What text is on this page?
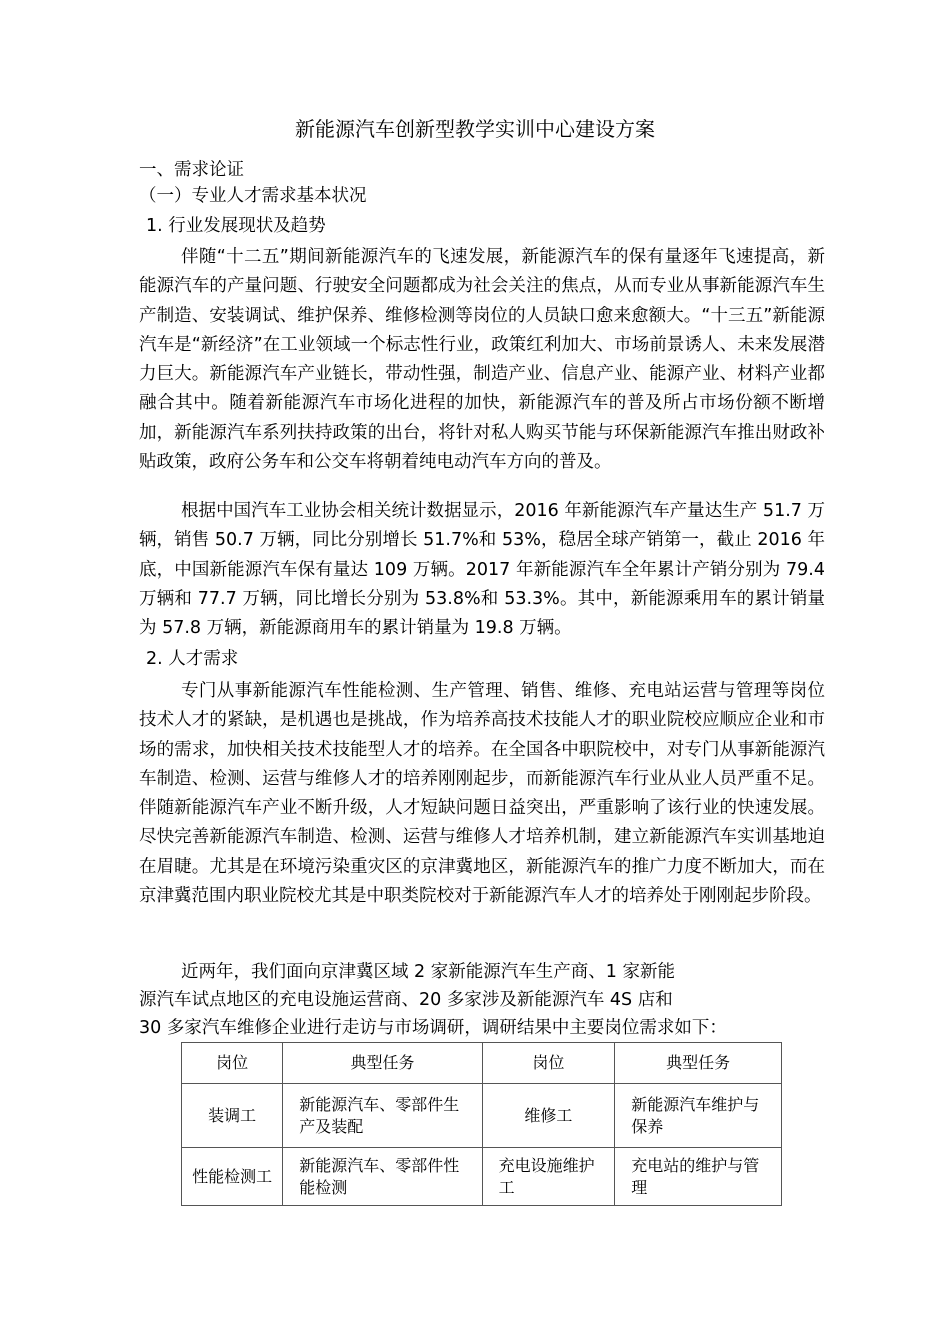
新能源汽车创新型教学实训中心建设方案
一、需求论证
（一）专业人才需求基本状况
1. 行业发展现状及趋势
伴随“十二五”期间新能源汽车的飞速发展，新能源汽车的保有量逐年飞速提高，新能源汽车的产量问题、行驶安全问题都成为社会关注的焦点，从而专业从事新能源汽车生产制造、安装调试、维护保养、维修检测等岗位的人员缺口愈来愈额大。“十三五”新能源汽车是“新经济”在工业领域一个标志性行业，政策红利加大、市场前景诱人、未来发展潜力巨大。新能源汽车产业链长，带动性强，制造产业、信息产业、能源产业、材料产业都融合其中。随着新能源汽车市场化进程的加快，新能源汽车的普及所占市场份额不断增加，新能源汽车系列扶持政策的出台，将针对私人购买节能与环保新能源汽车推出财政补贴政策，政府公务车和公交车将朝着纯电动汽车方向的普及。
根据中国汽车工业协会相关统计数据显示，2016 年新能源汽车产量达生产 51.7 万辆，销售 50.7 万辆，同比分别增长 51.7%和 53%，稳居全球产销第一，截止 2016 年底，中国新能源汽车保有量达 109 万辆。2017 年新能源汽车全年累计产销分别为 79.4 万辆和 77.7 万辆，同比增长分别为 53.8%和 53.3%。其中，新能源乘用车的累计销量为 57.8 万辆，新能源商用车的累计销量为 19.8 万辆。
2. 人才需求
专门从事新能源汽车性能检测、生产管理、销售、维修、充电站运营与管理等岗位技术人才的紧缺，是机遇也是挑战，作为培养高技术技能人才的职业院校应顺应企业和市场的需求，加快相关技术技能型人才的培养。在全国各中职院校中，对专门从事新能源汽车制造、检测、运营与维修人才的培养刚刚起步，而新能源汽车行业从业人员严重不足。伴随新能源汽车产业不断升级，人才短缺问题日益突出，严重影响了该行业的快速发展。尽快完善新能源汽车制造、检测、运营与维修人才培养机制，建立新能源汽车实训基地迫在眉睫。尤其是在环境污染重灾区的京津冀地区，新能源汽车的推广力度不断加大，而在京津冀范围内职业院校尤其是中职类院校对于新能源汽车人才的培养处于刚刚起步阶段。
近两年，我们面向京津冀区域 2 家新能源汽车生产商、1 家新能
源汽车试点地区的充电设施运营商、20 多家涉及新能源汽车 4S 店和
30 多家汽车维修企业进行走访与市场调研，调研结果中主要岗位需求如下：
岗位	典型任务	岗位	典型任务
装调工	新能源汽车、零部件生产及装配	维修工	新能源汽车维护与保养
性能检测工	新能源汽车、零部件性能检测	充电设施维护工	充电站的维护与管理
